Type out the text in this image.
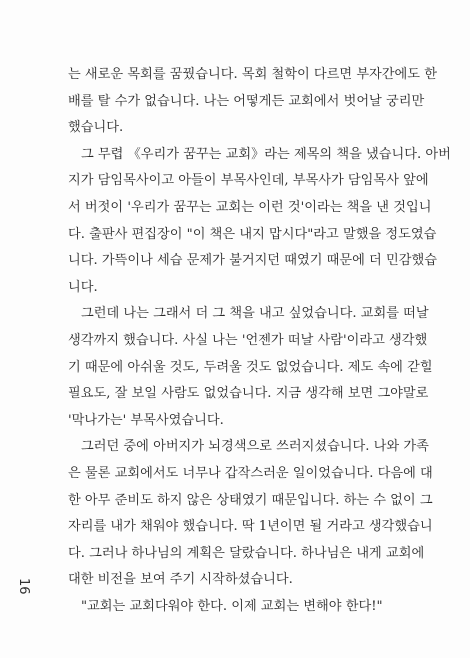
는 새로운 목회를 꿈꿨습니다. 목회 철학이 다르면 부자간에도 한
배를 탈 수가 없습니다. 나는 어떻게든 교회에서 벗어날 궁리만
했습니다.
그 무렵 《우리가 꿈꾸는 교회》라는 제목의 책을 냈습니다. 아버
지가 담임목사이고 아들이 부목사인데, 부목사가 담임목사 앞에
서 버젓이 '우리가 꿈꾸는 교회는 이런 것'이라는 책을 낸 것입니
다. 출판사 편집장이 "이 책은 내지 맙시다"라고 말했을 정도였습
니다. 가뜩이나 세습 문제가 불거지던 때였기 때문에 더 민감했습
니다.
그런데 나는 그래서 더 그 책을 내고 싶었습니다. 교회를 떠날
생각까지 했습니다. 사실 나는 '언젠가 떠날 사람'이라고 생각했
기 때문에 아쉬울 것도, 두려울 것도 없었습니다. 제도 속에 갇힐
필요도, 잘 보일 사람도 없었습니다. 지금 생각해 보면 그야말로
'막나가는' 부목사였습니다.
그러던 중에 아버지가 뇌경색으로 쓰러지셨습니다. 나와 가족
은 물론 교회에서도 너무나 갑작스러운 일이었습니다. 다음에 대
한 아무 준비도 하지 않은 상태였기 때문입니다. 하는 수 없이 그
자리를 내가 채워야 했습니다. 딱 1년이면 될 거라고 생각했습니
다. 그러나 하나님의 계획은 달랐습니다. 하나님은 내게 교회에
대한 비전을 보여 주기 시작하셨습니다.
"교회는 교회다워야 한다. 이제 교회는 변해야 한다!"
16
